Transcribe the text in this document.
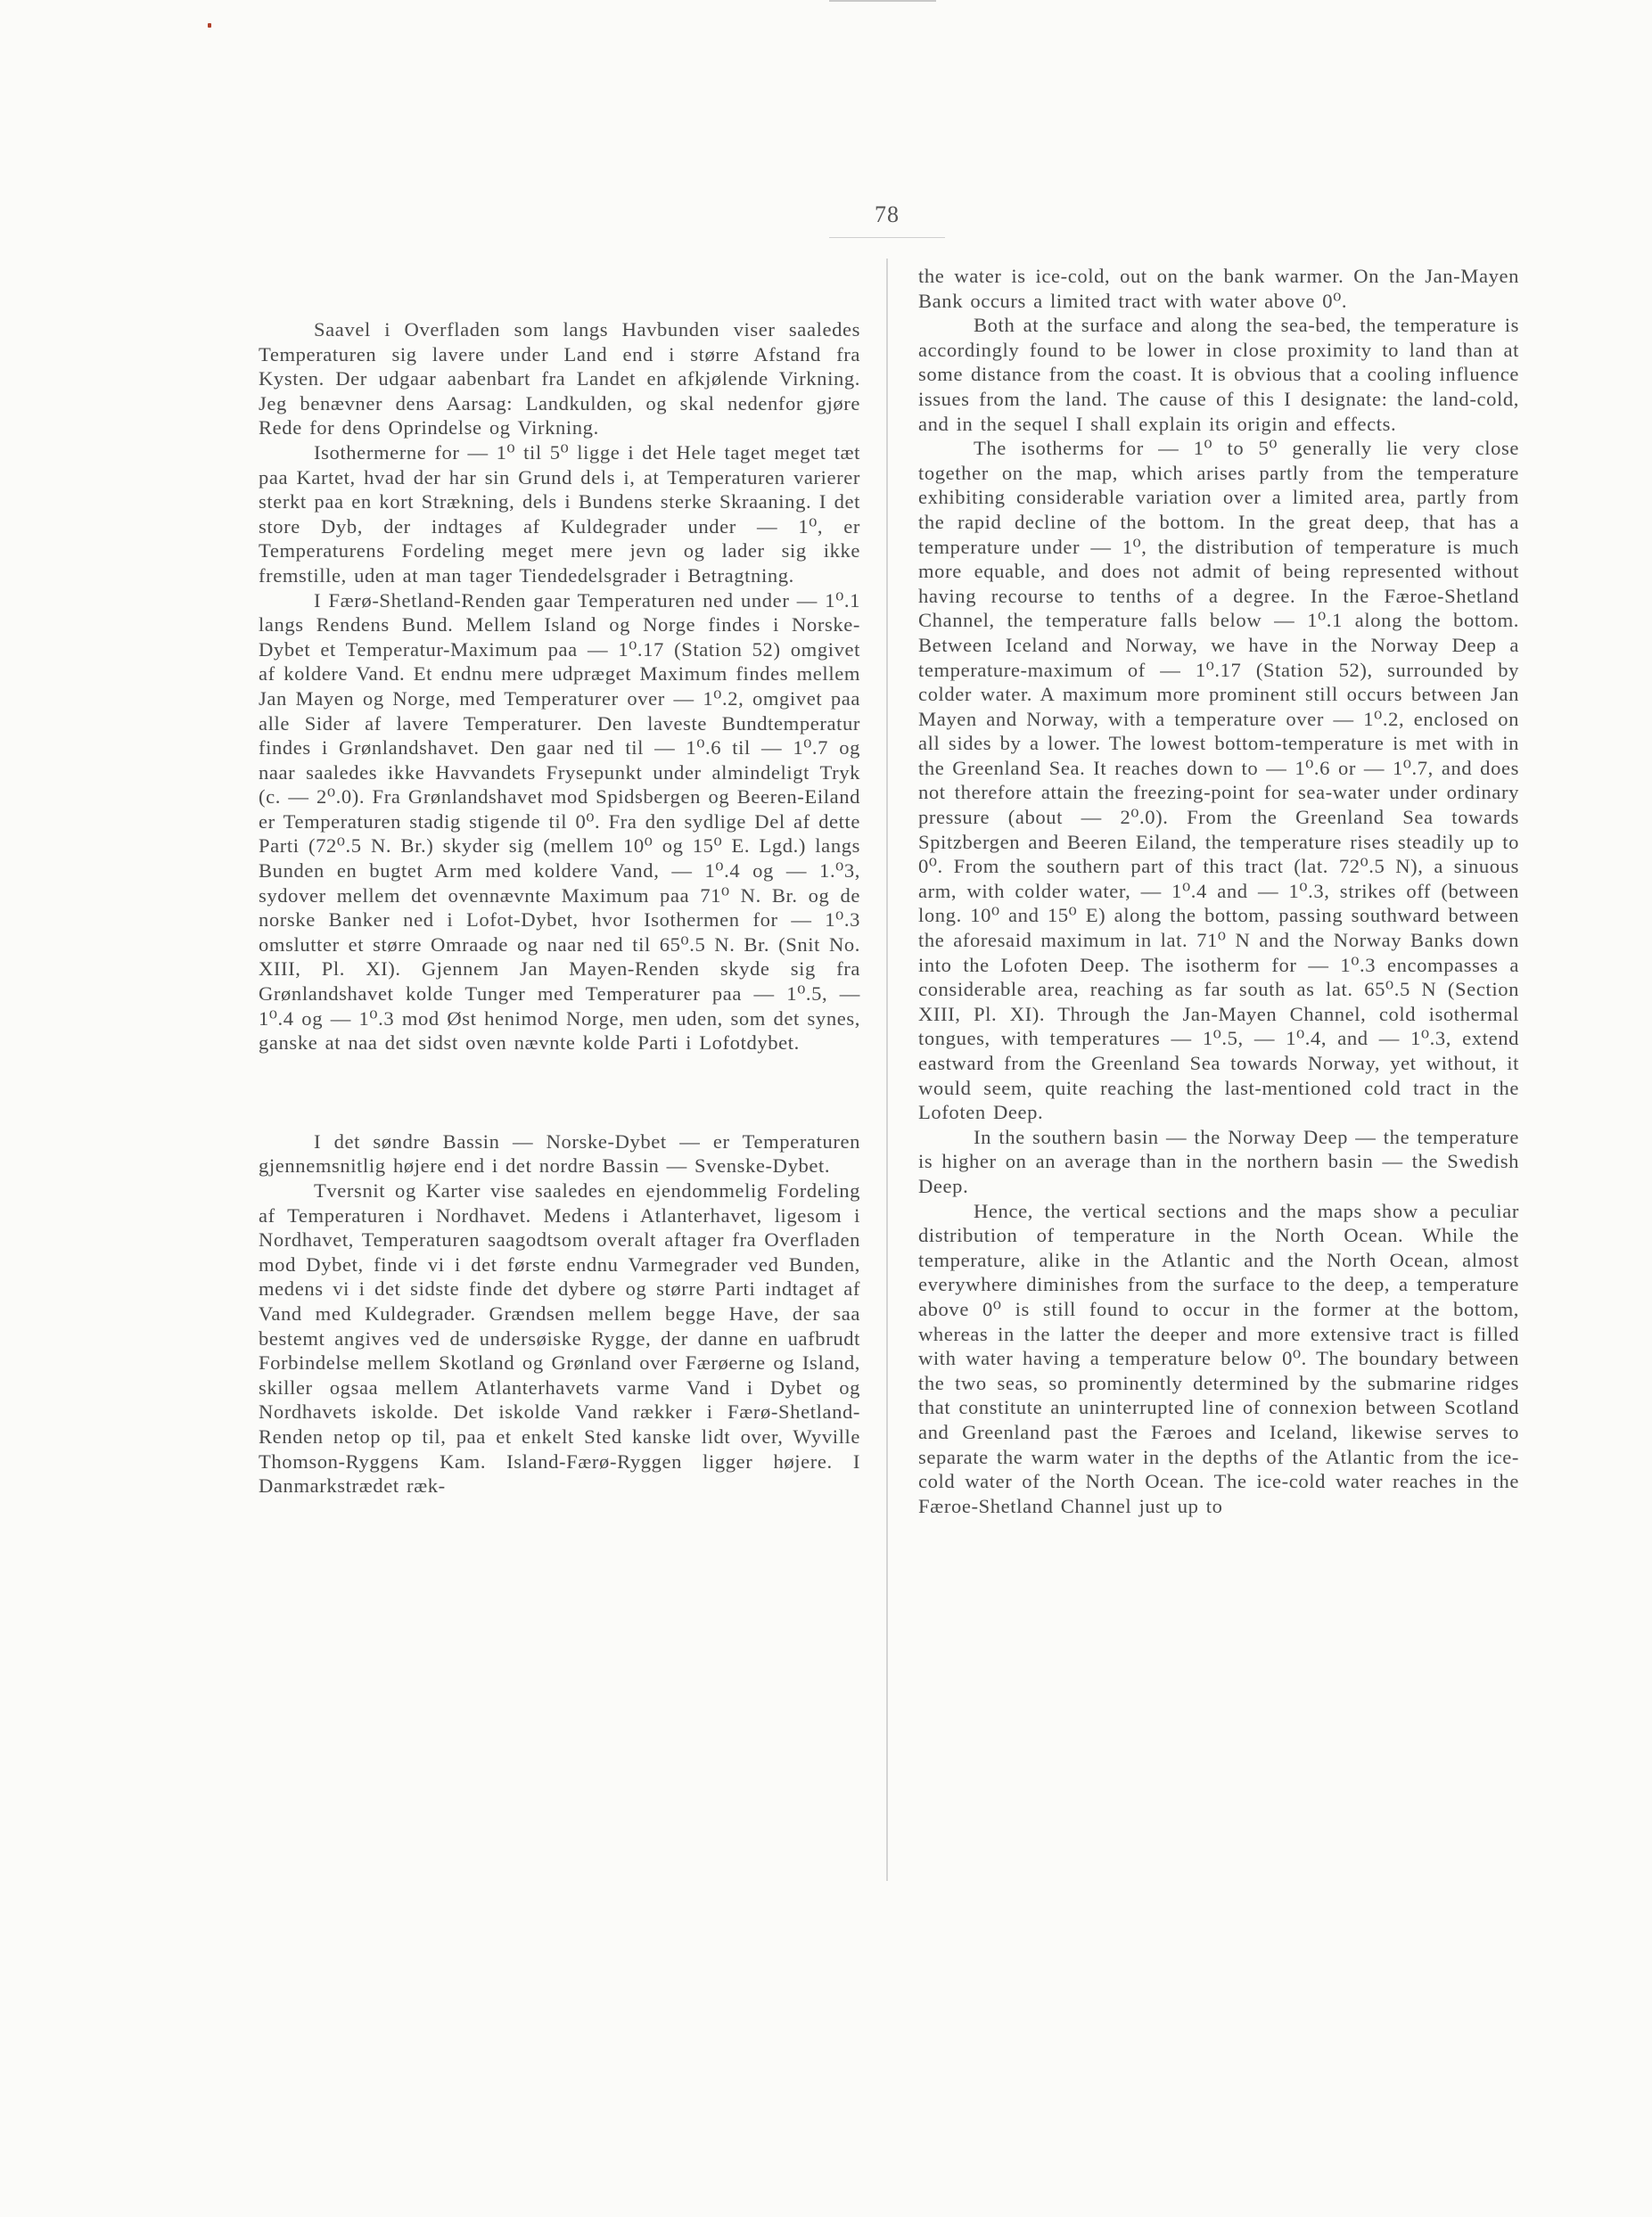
78

Saavel i Overfladen som langs Havbunden viser saaledes Temperaturen sig lavere under Land end i større Afstand fra Kysten. Der udgaar aabenbart fra Landet en afkjølende Virkning. Jeg benævner dens Aarsag: Landkulden, og skal nedenfor gjøre Rede for dens Oprindelse og Virkning.

Isothermerne for — 1⁰ til 5⁰ ligge i det Hele taget meget tæt paa Kartet, hvad der har sin Grund dels i, at Temperaturen varierer sterkt paa en kort Strækning, dels i Bundens sterke Skraaning. I det store Dyb, der indtages af Kuldegrader under — 1⁰, er Temperaturens Fordeling meget mere jevn og lader sig ikke fremstille, uden at man tager Tiendedelsgrader i Betragtning.

I Færø-Shetland-Renden gaar Temperaturen ned under — 1⁰.1 langs Rendens Bund. Mellem Island og Norge findes i Norske-Dybet et Temperatur-Maximum paa — 1⁰.17 (Station 52) omgivet af koldere Vand. Et endnu mere udpræget Maximum findes mellem Jan Mayen og Norge, med Temperaturer over — 1⁰.2, omgivet paa alle Sider af lavere Temperaturer. Den laveste Bundtemperatur findes i Grønlandshavet. Den gaar ned til — 1⁰.6 til — 1⁰.7 og naar saaledes ikke Havvandets Frysepunkt under almindeligt Tryk (c. — 2⁰.0). Fra Grønlandshavet mod Spidsbergen og Beeren-Eiland er Temperaturen stadig stigende til 0⁰. Fra den sydlige Del af dette Parti (72⁰.5 N. Br.) skyder sig (mellem 10⁰ og 15⁰ E. Lgd.) langs Bunden en bugtet Arm med koldere Vand, — 1⁰.4 og — 1.⁰3, sydover mellem det ovennævnte Maximum paa 71⁰ N. Br. og de norske Banker ned i Lofot-Dybet, hvor Isothermen for — 1⁰.3 omslutter et større Omraade og naar ned til 65⁰.5 N. Br. (Snit No. XIII, Pl. XI). Gjennem Jan Mayen-Renden skyde sig fra Grønlandshavet kolde Tunger med Temperaturer paa — 1⁰.5, — 1⁰.4 og — 1⁰.3 mod Øst henimod Norge, men uden, som det synes, ganske at naa det sidst oven nævnte kolde Parti i Lofotdybet.

I det søndre Bassin — Norske-Dybet — er Temperaturen gjennemsnitlig højere end i det nordre Bassin — Svenske-Dybet.

Tversnit og Karter vise saaledes en ejendommelig Fordeling af Temperaturen i Nordhavet. Medens i Atlanterhavet, ligesom i Nordhavet, Temperaturen saagodtsom overalt aftager fra Overfladen mod Dybet, finde vi i det første endnu Varmegrader ved Bunden, medens vi i det sidste finde det dybere og større Parti indtaget af Vand med Kuldegrader. Grændsen mellem begge Have, der saa bestemt angives ved de undersøiske Rygge, der danne en uafbrudt Forbindelse mellem Skotland og Grønland over Færøerne og Island, skiller ogsaa mellem Atlanterhavets varme Vand i Dybet og Nordhavets iskolde. Det iskolde Vand rækker i Færø-Shetland-Renden netop op til, paa et enkelt Sted kanske lidt over, Wyville Thomson-Ryggens Kam. Island-Færø-Ryggen ligger højere. I Danmarkstrædet ræk-

the water is ice-cold, out on the bank warmer. On the Jan-Mayen Bank occurs a limited tract with water above 0⁰.

Both at the surface and along the sea-bed, the temperature is accordingly found to be lower in close proximity to land than at some distance from the coast. It is obvious that a cooling influence issues from the land. The cause of this I designate: the land-cold, and in the sequel I shall explain its origin and effects.

The isotherms for — 1⁰ to 5⁰ generally lie very close together on the map, which arises partly from the temperature exhibiting considerable variation over a limited area, partly from the rapid decline of the bottom. In the great deep, that has a temperature under — 1⁰, the distribution of temperature is much more equable, and does not admit of being represented without having recourse to tenths of a degree. In the Færoe-Shetland Channel, the temperature falls below — 1⁰.1 along the bottom. Between Iceland and Norway, we have in the Norway Deep a temperature-maximum of — 1⁰.17 (Station 52), surrounded by colder water. A maximum more prominent still occurs between Jan Mayen and Norway, with a temperature over — 1⁰.2, enclosed on all sides by a lower. The lowest bottom-temperature is met with in the Greenland Sea. It reaches down to — 1⁰.6 or — 1⁰.7, and does not therefore attain the freezing-point for sea-water under ordinary pressure (about — 2⁰.0). From the Greenland Sea towards Spitzbergen and Beeren Eiland, the temperature rises steadily up to 0⁰. From the southern part of this tract (lat. 72⁰.5 N), a sinuous arm, with colder water, — 1⁰.4 and — 1⁰.3, strikes off (between long. 10⁰ and 15⁰ E) along the bottom, passing southward between the aforesaid maximum in lat. 71⁰ N and the Norway Banks down into the Lofoten Deep. The isotherm for — 1⁰.3 encompasses a considerable area, reaching as far south as lat. 65⁰.5 N (Section XIII, Pl. XI). Through the Jan-Mayen Channel, cold isothermal tongues, with temperatures — 1⁰.5, — 1⁰.4, and — 1⁰.3, extend eastward from the Greenland Sea towards Norway, yet without, it would seem, quite reaching the last-mentioned cold tract in the Lofoten Deep.

In the southern basin — the Norway Deep — the temperature is higher on an average than in the northern basin — the Swedish Deep.

Hence, the vertical sections and the maps show a peculiar distribution of temperature in the North Ocean. While the temperature, alike in the Atlantic and the North Ocean, almost everywhere diminishes from the surface to the deep, a temperature above 0⁰ is still found to occur in the former at the bottom, whereas in the latter the deeper and more extensive tract is filled with water having a temperature below 0⁰. The boundary between the two seas, so prominently determined by the submarine ridges that constitute an uninterrupted line of connexion between Scotland and Greenland past the Færoes and Iceland, likewise serves to separate the warm water in the depths of the Atlantic from the ice-cold water of the North Ocean. The ice-cold water reaches in the Færoe-Shetland Channel just up to
